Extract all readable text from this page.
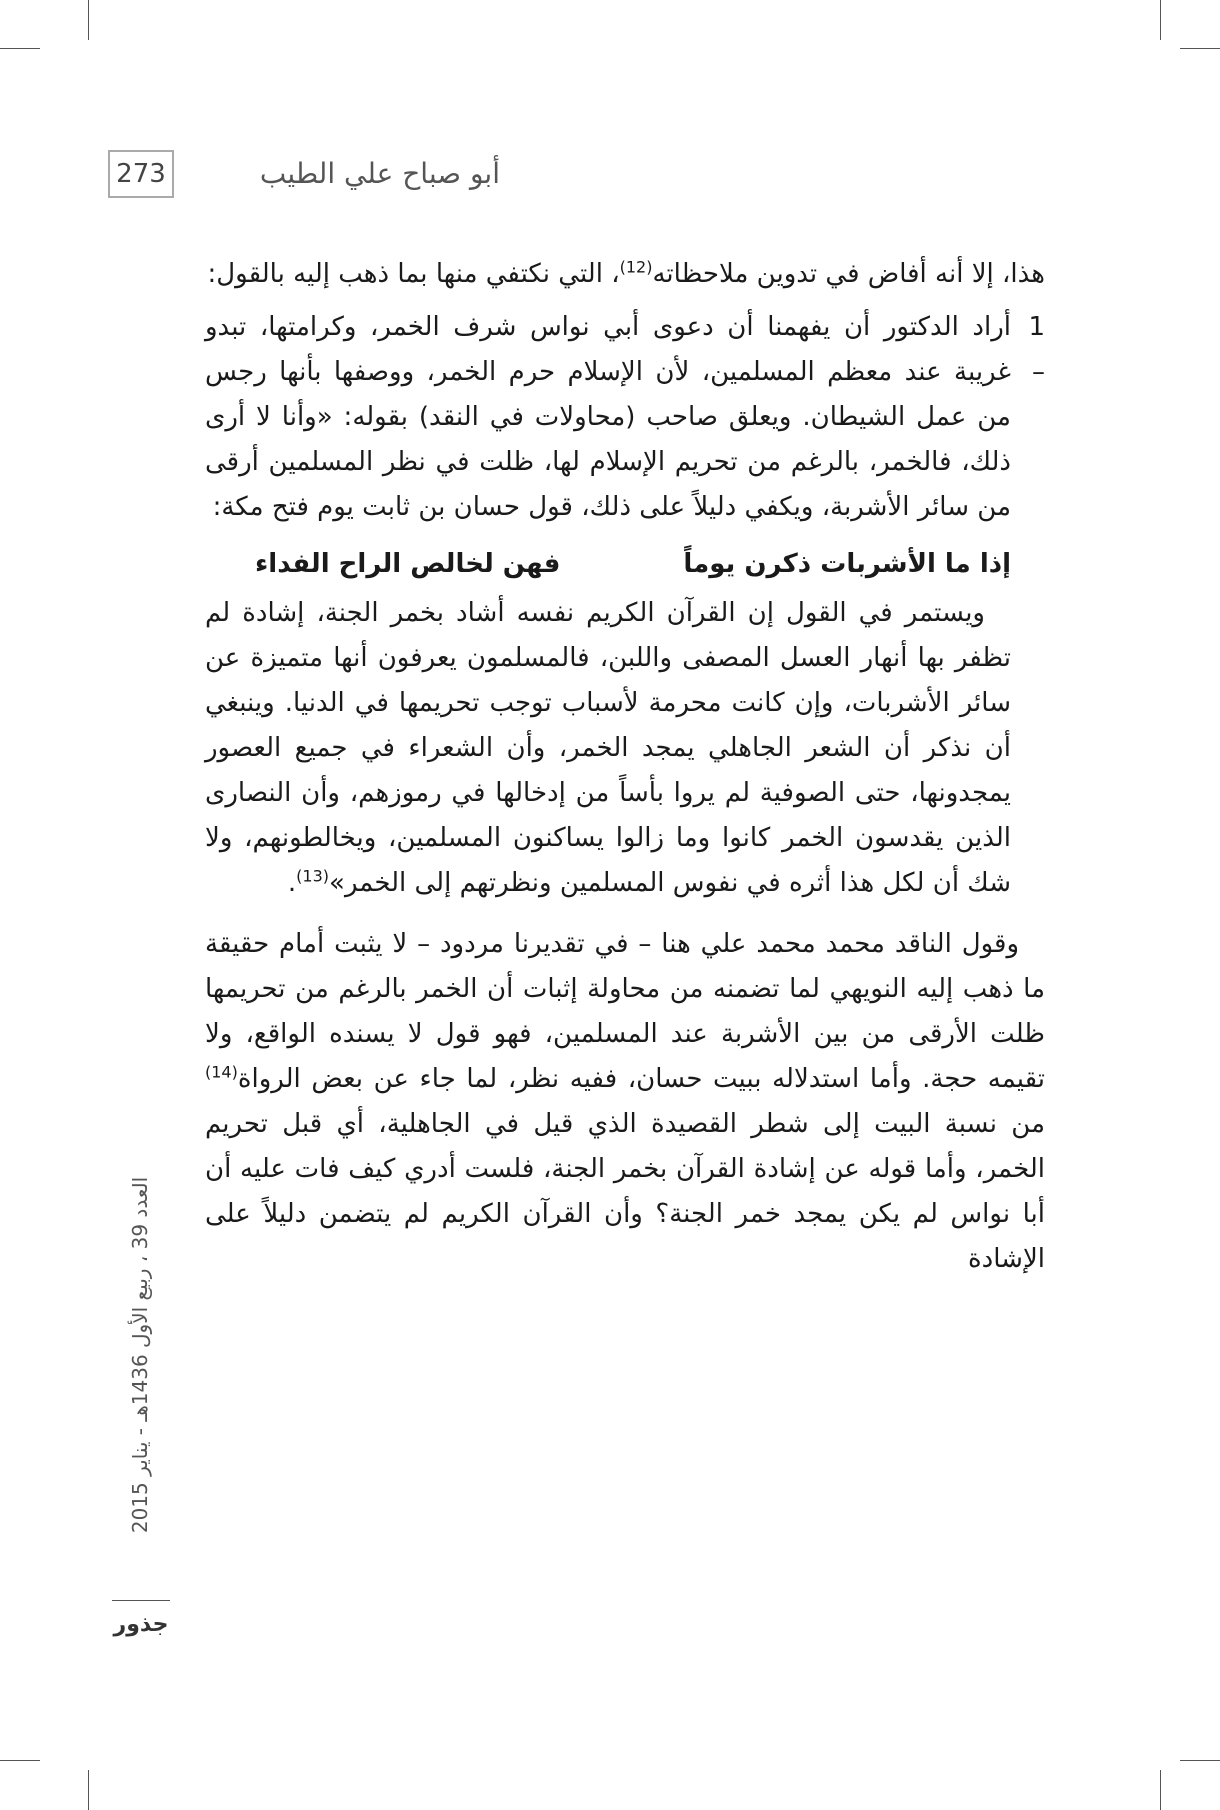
273	أبو صباح علي الطيب

هذا، إلا أنه أفاض في تدوين ملاحظاته$^{(12)}$، التي نكتفي منها بما ذهب إليه بالقول:

1 –

أراد الدكتور أن يفهمنا أن دعوى أبي نواس شرف الخمر، وكرامتها، تبدو غريبة عند معظم المسلمين، لأن الإسلام حرم الخمر، ووصفها بأنها رجس من عمل الشيطان. ويعلق صاحب (محاولات في النقد) بقوله: «وأنا لا أرى ذلك، فالخمر، بالرغم من تحريم الإسلام لها، ظلت في نظر المسلمين أرقى من سائر الأشربة، ويكفي دليلاً على ذلك، قول حسان بن ثابت يوم فتح مكة:

إذا ما الأشربات ذكرن يوماً
فهن لخالص الراح الفداء

ويستمر في القول إن القرآن الكريم نفسه أشاد بخمر الجنة، إشادة لم تظفر بها أنهار العسل المصفى واللبن، فالمسلمون يعرفون أنها متميزة عن سائر الأشربات، وإن كانت محرمة لأسباب توجب تحريمها في الدنيا. وينبغي أن نذكر أن الشعر الجاهلي يمجد الخمر، وأن الشعراء في جميع العصور يمجدونها، حتى الصوفية لم يروا بأساً من إدخالها في رموزهم، وأن النصارى الذين يقدسون الخمر كانوا وما زالوا يساكنون المسلمين، ويخالطونهم، ولا شك أن لكل هذا أثره في نفوس المسلمين ونظرتهم إلى الخمر»$^{(13)}$.

وقول الناقد محمد محمد علي هنا – في تقديرنا مردود – لا يثبت أمام حقيقة ما ذهب إليه النويهي لما تضمنه من محاولة إثبات أن الخمر بالرغم من تحريمها ظلت الأرقى من بين الأشربة عند المسلمين، فهو قول لا يسنده الواقع، ولا تقيمه حجة. وأما استدلاله ببيت حسان، ففيه نظر، لما جاء عن بعض الرواة$^{(14)}$ من نسبة البيت إلى شطر القصيدة الذي قيل في الجاهلية، أي قبل تحريم الخمر، وأما قوله عن إشادة القرآن بخمر الجنة، فلست أدري كيف فات عليه أن أبا نواس لم يكن يمجد خمر الجنة؟ وأن القرآن الكريم لم يتضمن دليلاً على الإشادة

العدد 39 ، ربيع الأول 1436هـ - يناير 2015
جذور
